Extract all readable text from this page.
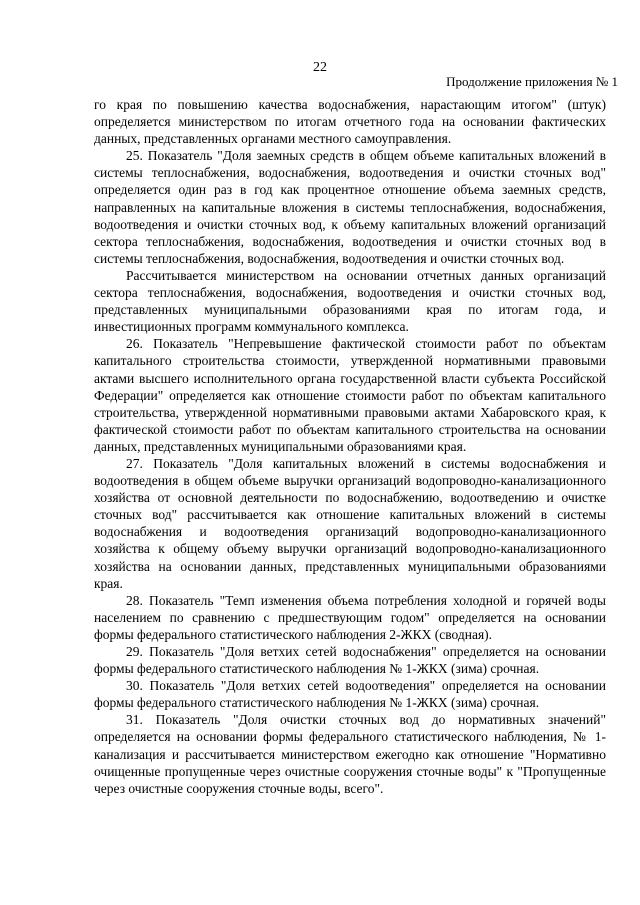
22
Продолжение приложения № 1

го края по повышению качества водоснабжения, нарастающим итогом" (штук) определяется министерством по итогам отчетного года на основании фактических данных, представленных органами местного самоуправления.

25. Показатель "Доля заемных средств в общем объеме капитальных вложений в системы теплоснабжения, водоснабжения, водоотведения и очистки сточных вод" определяется один раз в год как процентное отношение объема заемных средств, направленных на капитальные вложения в системы теплоснабжения, водоснабжения, водоотведения и очистки сточных вод, к объему капитальных вложений организаций сектора теплоснабжения, водоснабжения, водоотведения и очистки сточных вод в системы теплоснабжения, водоснабжения, водоотведения и очистки сточных вод.

Рассчитывается министерством на основании отчетных данных организаций сектора теплоснабжения, водоснабжения, водоотведения и очистки сточных вод, представленных муниципальными образованиями края по итогам года, и инвестиционных программ коммунального комплекса.

26. Показатель "Непревышение фактической стоимости работ по объектам капитального строительства стоимости, утвержденной нормативными правовыми актами высшего исполнительного органа государственной власти субъекта Российской Федерации" определяется как отношение стоимости работ по объектам капитального строительства, утвержденной нормативными правовыми актами Хабаровского края, к фактической стоимости работ по объектам капитального строительства на основании данных, представленных муниципальными образованиями края.

27. Показатель "Доля капитальных вложений в системы водоснабжения и водоотведения в общем объеме выручки организаций водопроводно-канализационного хозяйства от основной деятельности по водоснабжению, водоотведению и очистке сточных вод" рассчитывается как отношение капитальных вложений в системы водоснабжения и водоотведения организаций водопроводно-канализационного хозяйства к общему объему выручки организаций водопроводно-канализационного хозяйства на основании данных, представленных муниципальными образованиями края.

28. Показатель "Темп изменения объема потребления холодной и горячей воды населением по сравнению с предшествующим годом" определяется на основании формы федерального статистического наблюдения 2-ЖКХ (сводная).

29. Показатель "Доля ветхих сетей водоснабжения" определяется на основании формы федерального статистического наблюдения № 1-ЖКХ (зима) срочная.

30. Показатель "Доля ветхих сетей водоотведения" определяется на основании формы федерального статистического наблюдения № 1-ЖКХ (зима) срочная.

31. Показатель "Доля очистки сточных вод до нормативных значений" определяется на основании формы федерального статистического наблюдения, № 1-канализация и рассчитывается министерством ежегодно как отношение "Нормативно очищенные пропущенные через очистные сооружения сточные воды" к "Пропущенные через очистные сооружения сточные воды, всего".
